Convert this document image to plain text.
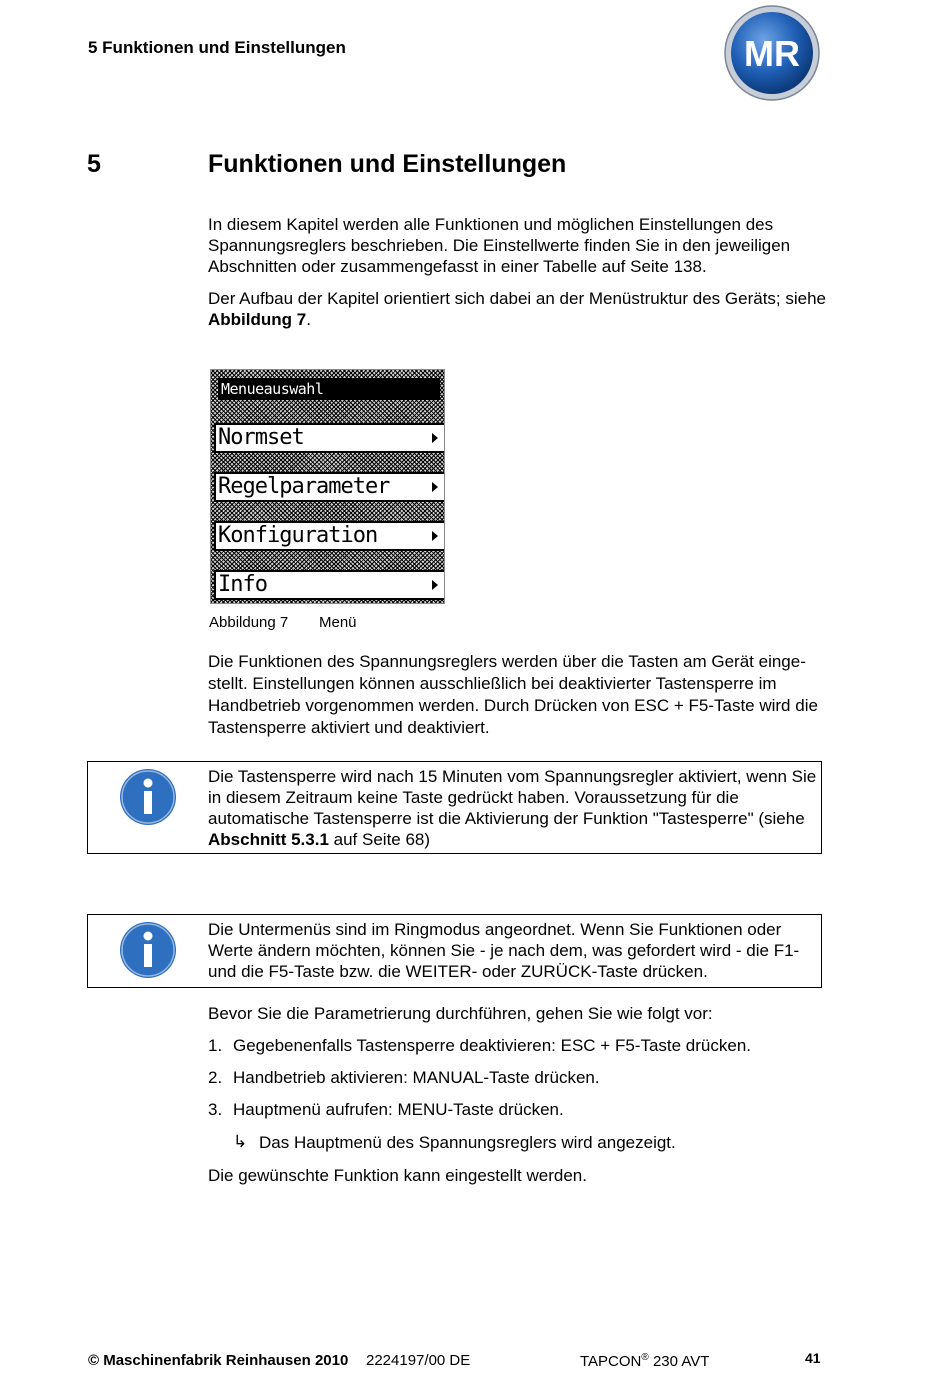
5 Funktionen und Einstellungen	MR
5	Funktionen und Einstellungen
In diesem Kapitel werden alle Funktionen und möglichen Einstellungen des Spannungsreglers beschrieben. Die Einstellwerte finden Sie in den jeweiligen Abschnitten oder zusammengefasst in einer Tabelle auf Seite 138.
Der Aufbau der Kapitel orientiert sich dabei an der Menüstruktur des Geräts; siehe Abbildung 7.
Menueauswahl
Normset
Regelparameter
Konfiguration
Info
Abbildung 7 Menü
Die Funktionen des Spannungsreglers werden über die Tasten am Gerät einge-stellt. Einstellungen können ausschließlich bei deaktivierter Tastensperre im Handbetrieb vorgenommen werden. Durch Drücken von ESC + F5-Taste wird die Tastensperre aktiviert und deaktiviert.
Die Tastensperre wird nach 15 Minuten vom Spannungsregler aktiviert, wenn Sie in diesem Zeitraum keine Taste gedrückt haben. Voraussetzung für die automatische Tastensperre ist die Aktivierung der Funktion "Tastesperre" (siehe Abschnitt 5.3.1 auf Seite 68)
Die Untermenüs sind im Ringmodus angeordnet. Wenn Sie Funktionen oder Werte ändern möchten, können Sie - je nach dem, was gefordert wird - die F1- und die F5-Taste bzw. die WEITER- oder ZURÜCK-Taste drücken.
Bevor Sie die Parametrierung durchführen, gehen Sie wie folgt vor:
1. Gegebenenfalls Tastensperre deaktivieren: ESC + F5-Taste drücken.
2. Handbetrieb aktivieren: MANUAL-Taste drücken.
3. Hauptmenü aufrufen: MENU-Taste drücken.
↳ Das Hauptmenü des Spannungsreglers wird angezeigt.
Die gewünschte Funktion kann eingestellt werden.
© Maschinenfabrik Reinhausen 2010 2224197/00 DE	TAPCON® 230 AVT	41
